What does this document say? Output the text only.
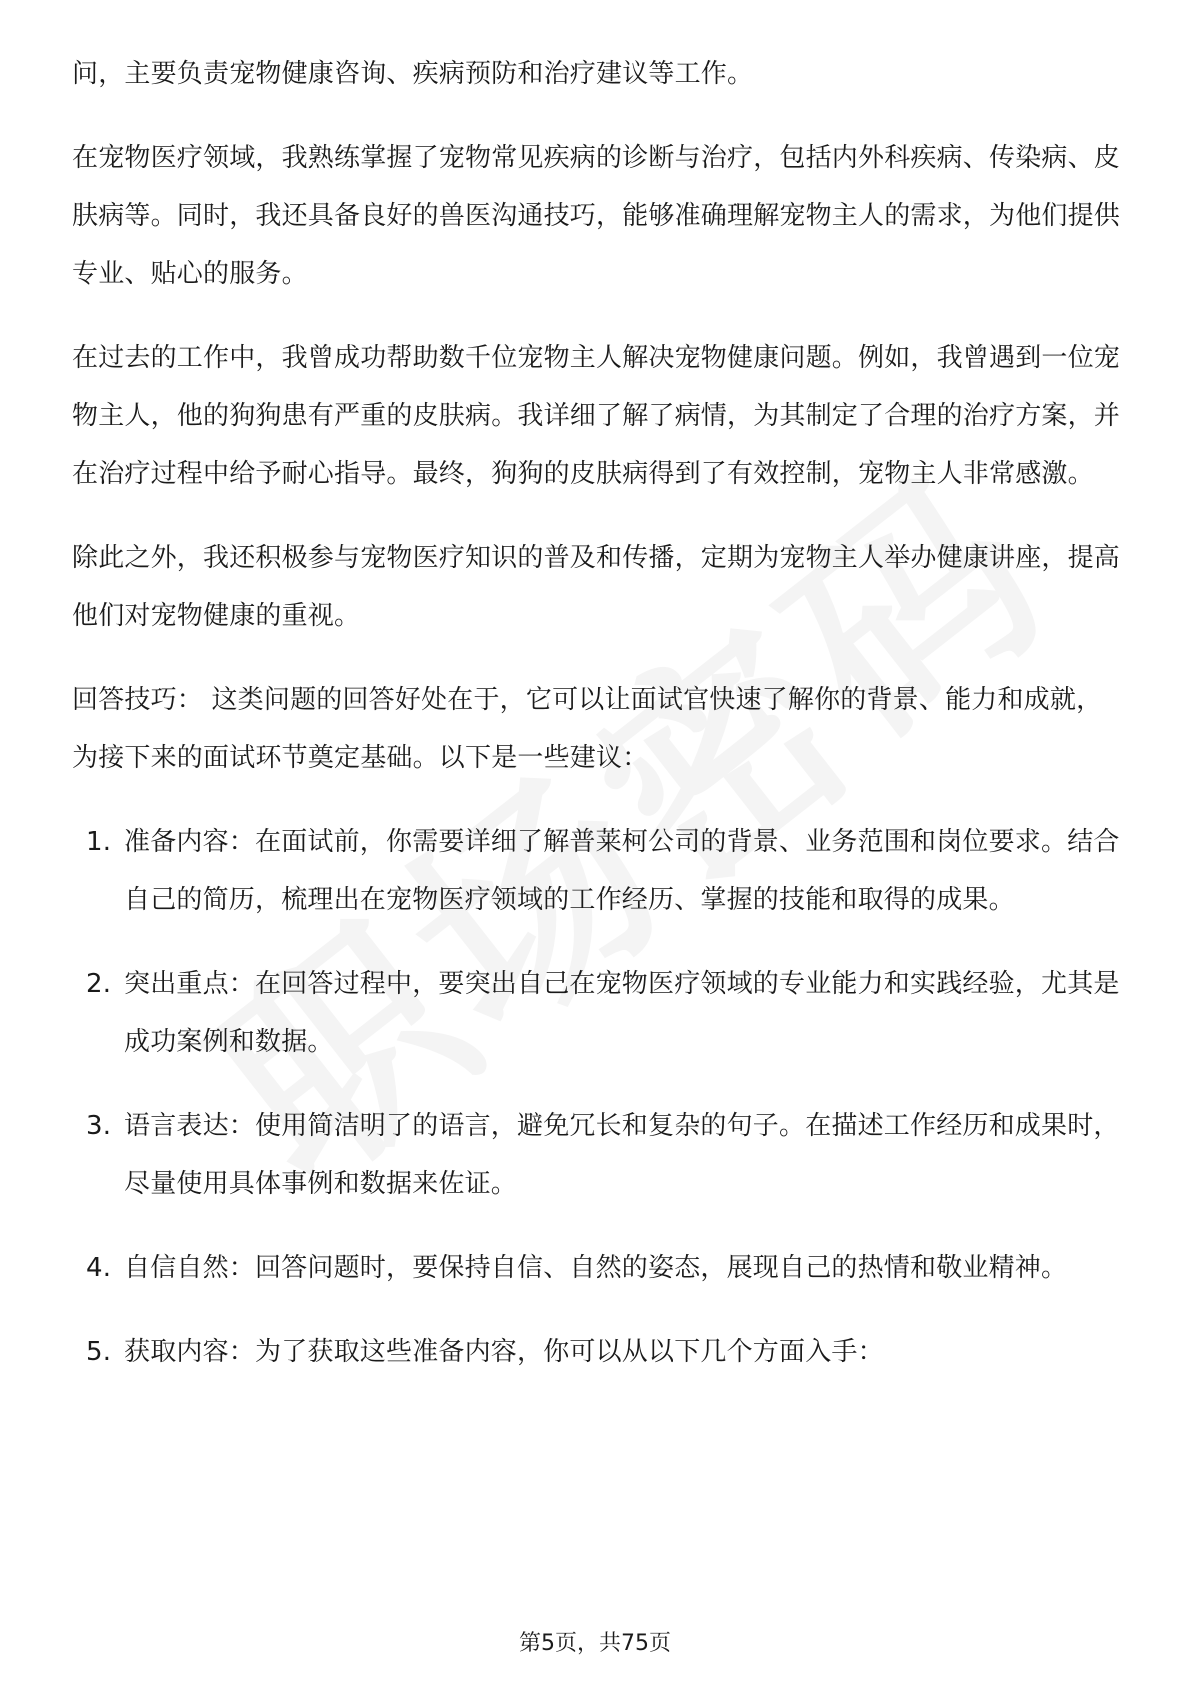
问，主要负责宠物健康咨询、疾病预防和治疗建议等工作。

在宠物医疗领域，我熟练掌握了宠物常见疾病的诊断与治疗，包括内外科疾病、传染病、皮肤病等。同时，我还具备良好的兽医沟通技巧，能够准确理解宠物主人的需求，为他们提供专业、贴心的服务。

在过去的工作中，我曾成功帮助数千位宠物主人解决宠物健康问题。例如，我曾遇到一位宠物主人，他的狗狗患有严重的皮肤病。我详细了解了病情，为其制定了合理的治疗方案，并在治疗过程中给予耐心指导。最终，狗狗的皮肤病得到了有效控制，宠物主人非常感激。

除此之外，我还积极参与宠物医疗知识的普及和传播，定期为宠物主人举办健康讲座，提高他们对宠物健康的重视。

回答技巧： 这类问题的回答好处在于，它可以让面试官快速了解你的背景、能力和成就，为接下来的面试环节奠定基础。以下是一些建议：

1. 准备内容：在面试前，你需要详细了解普莱柯公司的背景、业务范围和岗位要求。结合自己的简历，梳理出在宠物医疗领域的工作经历、掌握的技能和取得的成果。
2. 突出重点：在回答过程中，要突出自己在宠物医疗领域的专业能力和实践经验，尤其是成功案例和数据。
3. 语言表达：使用简洁明了的语言，避免冗长和复杂的句子。在描述工作经历和成果时，尽量使用具体事例和数据来佐证。
4. 自信自然：回答问题时，要保持自信、自然的姿态，展现自己的热情和敬业精神。
5. 获取内容：为了获取这些准备内容，你可以从以下几个方面入手：
第5页，共75页
